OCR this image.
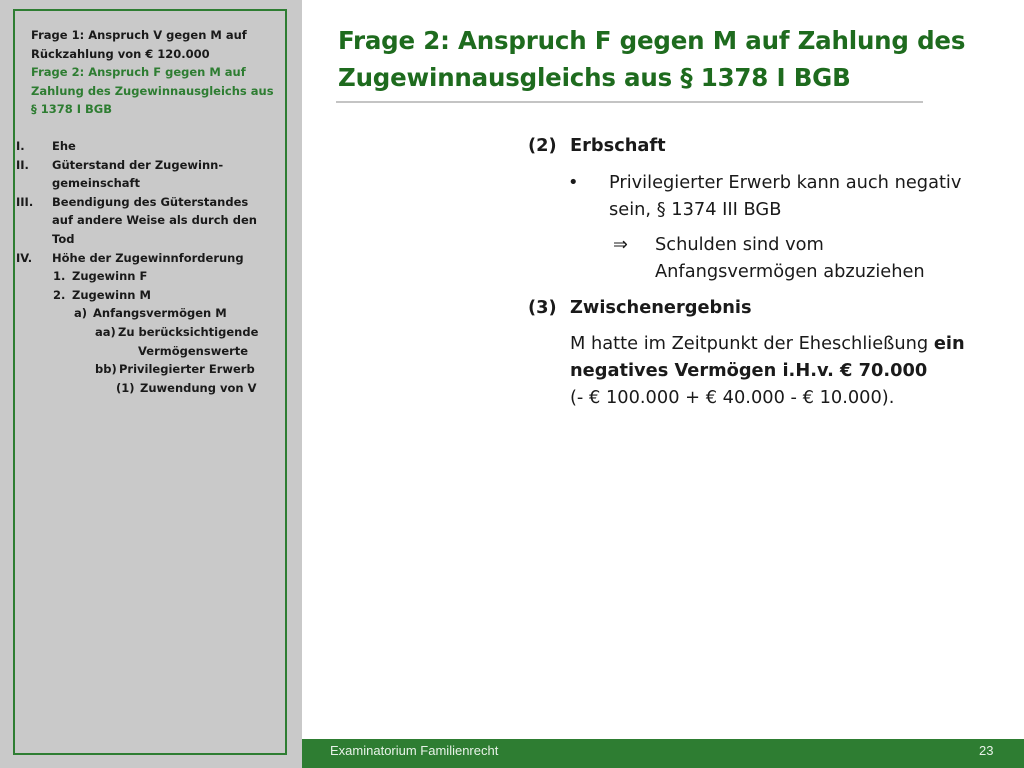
Frage 1: Anspruch V gegen M auf
Rückzahlung von € 120.000
Frage 2: Anspruch F gegen M auf
Zahlung des Zugewinnausgleichs aus
§ 1378 I BGB
I. Ehe
II. Güterstand der Zugewinn-
gemeinschaft
III. Beendigung des Güterstandes
auf andere Weise als durch den
Tod
IV. Höhe der Zugewinnforderung
1. Zugewinn F
2. Zugewinn M
a) Anfangsvermögen M
aa) Zu berücksichtigende
Vermögenswerte
bb) Privilegierter Erwerb
(1) Zuwendung von V
Frage 2: Anspruch F gegen M auf Zahlung des
Zugewinnausgleichs aus § 1378 I BGB
(2) Erbschaft
• Privilegierter Erwerb kann auch negativ
sein, § 1374 III BGB
⇒ Schulden sind vom
Anfangsvermögen abzuziehen
(3) Zwischenergebnis
M hatte im Zeitpunkt der Eheschließung ein
negatives Vermögen i.H.v. € 70.000
(- € 100.000 + € 40.000 - € 10.000).
Examinatorium Familienrecht	23
